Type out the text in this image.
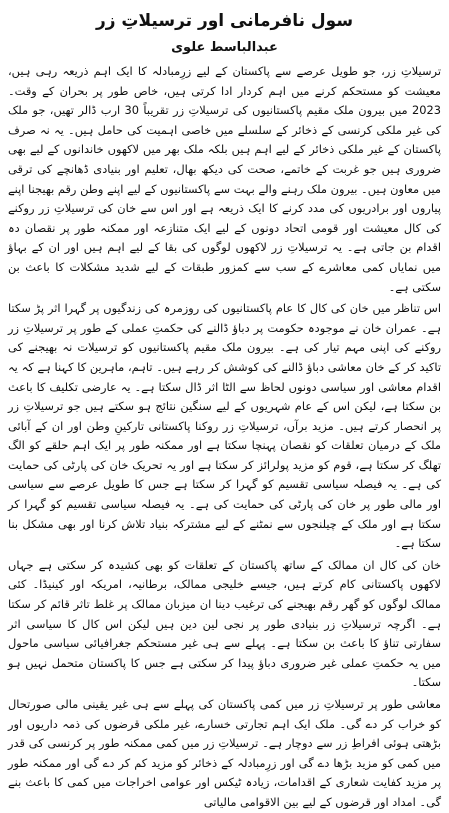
سول نافرمانی اور ترسیلاتِ زر
عبدالباسط علوی

ترسیلاتِ زر، جو طویل عرصے سے پاکستان کے لیے زرِمبادلہ کا ایک اہم ذریعہ رہی ہیں، معیشت کو مستحکم کرنے میں اہم کردار ادا کرتی ہیں، خاص طور پر بحران کے وقت۔ 2023 میں بیرون ملک مقیم پاکستانیوں کی ترسیلاتِ زر تقریباً 30 ارب ڈالر تھیں، جو ملک کی غیر ملکی کرنسی کے ذخائر کے سلسلے میں خاصی اہمیت کی حامل ہیں۔ یہ نہ صرف پاکستان کے غیر ملکی ذخائر کے لیے اہم ہیں بلکہ ملک بھر میں لاکھوں خاندانوں کے لیے بھی ضروری ہیں جو غربت کے خاتمے، صحت کی دیکھ بھال، تعلیم اور بنیادی ڈھانچے کی ترقی میں معاون ہیں۔ بیرون ملک رہنے والے بہت سے پاکستانیوں کے لیے اپنے وطن رقم بھیجنا اپنے پیاروں اور برادریوں کی مدد کرنے کا ایک ذریعہ ہے اور اس سے خان کی ترسیلاتِ زر روکنے کی کال معیشت اور قومی اتحاد دونوں کے لیے ایک متنازعہ اور ممکنہ طور پر نقصان دہ اقدام بن جاتی ہے۔ یہ ترسیلاتِ زر لاکھوں لوگوں کی بقا کے لیے اہم ہیں اور ان کے بہاؤ میں نمایاں کمی معاشرے کے سب سے کمزور طبقات کے لیے شدید مشکلات کا باعث بن سکتی ہے۔

اس تناظر میں خان کی کال کا عام پاکستانیوں کی روزمرہ کی زندگیوں پر گہرا اثر پڑ سکتا ہے۔ عمران خان نے موجودہ حکومت پر دباؤ ڈالنے کی حکمتِ عملی کے طور پر ترسیلاتِ زر روکنے کی اپنی مہم تیار کی ہے۔ بیرون ملک مقیم پاکستانیوں کو ترسیلات نہ بھیجنے کی تاکید کر کے خان معاشی دباؤ ڈالنے کی کوشش کر رہے ہیں۔ تاہم، ماہرین کا کہنا ہے کہ یہ اقدام معاشی اور سیاسی دونوں لحاظ سے الٹا اثر ڈال سکتا ہے۔ یہ عارضی تکلیف کا باعث بن سکتا ہے، لیکن اس کے عام شہریوں کے لیے سنگین نتائج ہو سکتے ہیں جو ترسیلاتِ زر پر انحصار کرتے ہیں۔ مزید برآں، ترسیلاتِ زر روکنا پاکستانی تارکینِ وطن اور ان کے آبائی ملک کے درمیان تعلقات کو نقصان پہنچا سکتا ہے اور ممکنہ طور پر ایک اہم حلقے کو الگ تھلگ کر سکتا ہے، قوم کو مزید پولرائز کر سکتا ہے اور یہ تحریک خان کی پارٹی کی حمایت کی ہے۔ یہ فیصلہ سیاسی تقسیم کو گہرا کر سکتا ہے جس کا طویل عرصے سے سیاسی اور مالی طور پر خان کی پارٹی کی حمایت کی ہے۔ یہ فیصلہ سیاسی تقسیم کو گہرا کر سکتا ہے اور ملک کے چیلنجوں سے نمٹنے کے لیے مشترکہ بنیاد تلاش کرنا اور بھی مشکل بنا سکتا ہے۔

خان کی کال ان ممالک کے ساتھ پاکستان کے تعلقات کو بھی کشیدہ کر سکتی ہے جہاں لاکھوں پاکستانی کام کرتے ہیں، جیسے خلیجی ممالک، برطانیہ، امریکہ اور کینیڈا۔ کئی ممالک لوگوں کو گھر رقم بھیجنے کی ترغیب دینا ان میزبان ممالک پر غلط تاثر قائم کر سکتا ہے۔ اگرچہ ترسیلاتِ زر بنیادی طور پر نجی لین دین ہیں لیکن اس کال کا سیاسی اثر سفارتی تناؤ کا باعث بن سکتا ہے۔ پہلے سے ہی غیر مستحکم جغرافیائی سیاسی ماحول میں یہ حکمتِ عملی غیر ضروری دباؤ پیدا کر سکتی ہے جس کا پاکستان متحمل نہیں ہو سکتا۔

معاشی طور پر ترسیلاتِ زر میں کمی پاکستان کی پہلے سے ہی غیر یقینی مالی صورتحال کو خراب کر دے گی۔ ملک ایک اہم تجارتی خسارے، غیر ملکی قرضوں کی ذمہ داریوں اور بڑھتی ہوئی افراطِ زر سے دوچار ہے۔ ترسیلاتِ زر میں کمی ممکنہ طور پر کرنسی کی قدر میں کمی کو مزید بڑھا دے گی اور زرِمبادلہ کے ذخائر کو مزید کم کر دے گی اور ممکنہ طور پر مزید کفایت شعاری کے اقدامات، زیادہ ٹیکس اور عوامی اخراجات میں کمی کا باعث بنے گی۔ امداد اور قرضوں کے لیے بین الاقوامی مالیاتی
